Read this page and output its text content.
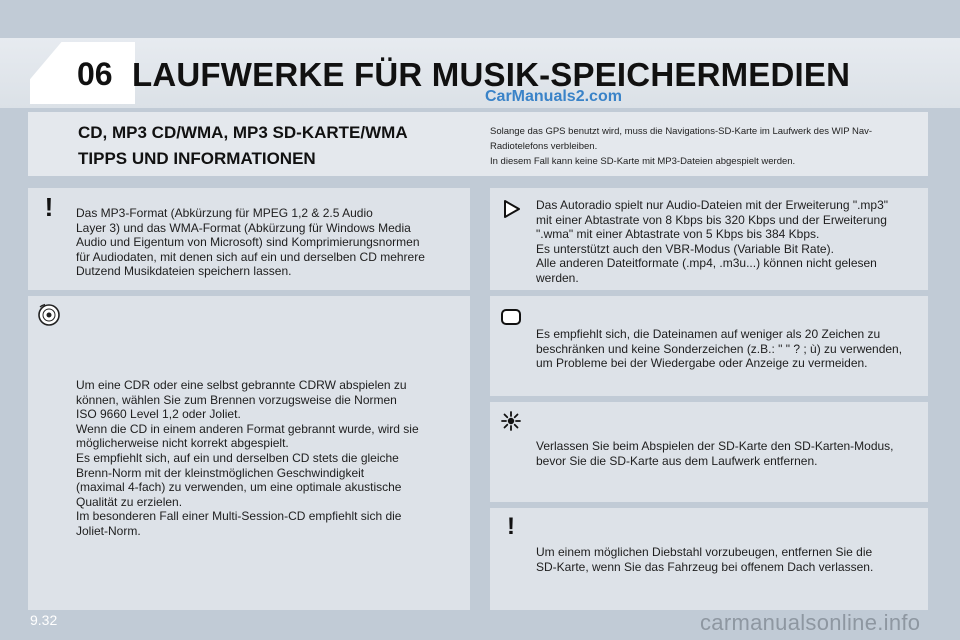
06 LAUFWERKE FÜR MUSIK-SPEICHERMEDIEN
CarManuals2.com
CD, MP3 CD/WMA, MP3 SD-KARTE/WMA
TIPPS UND INFORMATIONEN
Solange das GPS benutzt wird, muss die Navigations-SD-Karte im Laufwerk des WIP Nav-
Radiotelefons verbleiben.
In diesem Fall kann keine SD-Karte mit MP3-Dateien abgespielt werden.
!	Das MP3-Format (Abkürzung für MPEG 1,2 & 2.5 Audio
Layer 3) und das WMA-Format (Abkürzung für Windows Media
Audio und Eigentum von Microsoft) sind Komprimierungsnormen
für Audiodaten, mit denen sich auf ein und derselben CD mehrere
Dutzend Musikdateien speichern lassen.
Um eine CDR oder eine selbst gebrannte CDRW abspielen zu
können, wählen Sie zum Brennen vorzugsweise die Normen
ISO 9660 Level 1,2 oder Joliet.
Wenn die CD in einem anderen Format gebrannt wurde, wird sie
möglicherweise nicht korrekt abgespielt.
Es empfiehlt sich, auf ein und derselben CD stets die gleiche
Brenn-Norm mit der kleinstmöglichen Geschwindigkeit
(maximal 4-fach) zu verwenden, um eine optimale akustische
Qualität zu erzielen.
Im besonderen Fall einer Multi-Session-CD empfiehlt sich die
Joliet-Norm.
Das Autoradio spielt nur Audio-Dateien mit der Erweiterung ".mp3"
mit einer Abtastrate von 8 Kbps bis 320 Kbps und der Erweiterung
".wma" mit einer Abtastrate von 5 Kbps bis 384 Kbps.
Es unterstützt auch den VBR-Modus (Variable Bit Rate).
Alle anderen Dateitformate (.mp4, .m3u...) können nicht gelesen
werden.
Es empfiehlt sich, die Dateinamen auf weniger als 20 Zeichen zu
beschränken und keine Sonderzeichen (z.B.: " " ? ; ù) zu verwenden,
um Probleme bei der Wiedergabe oder Anzeige zu vermeiden.
Verlassen Sie beim Abspielen der SD-Karte den SD-Karten-Modus,
bevor Sie die SD-Karte aus dem Laufwerk entfernen.
!
Um einem möglichen Diebstahl vorzubeugen, entfernen Sie die
SD-Karte, wenn Sie das Fahrzeug bei offenem Dach verlassen.
9.32	carmanualsonline.info
